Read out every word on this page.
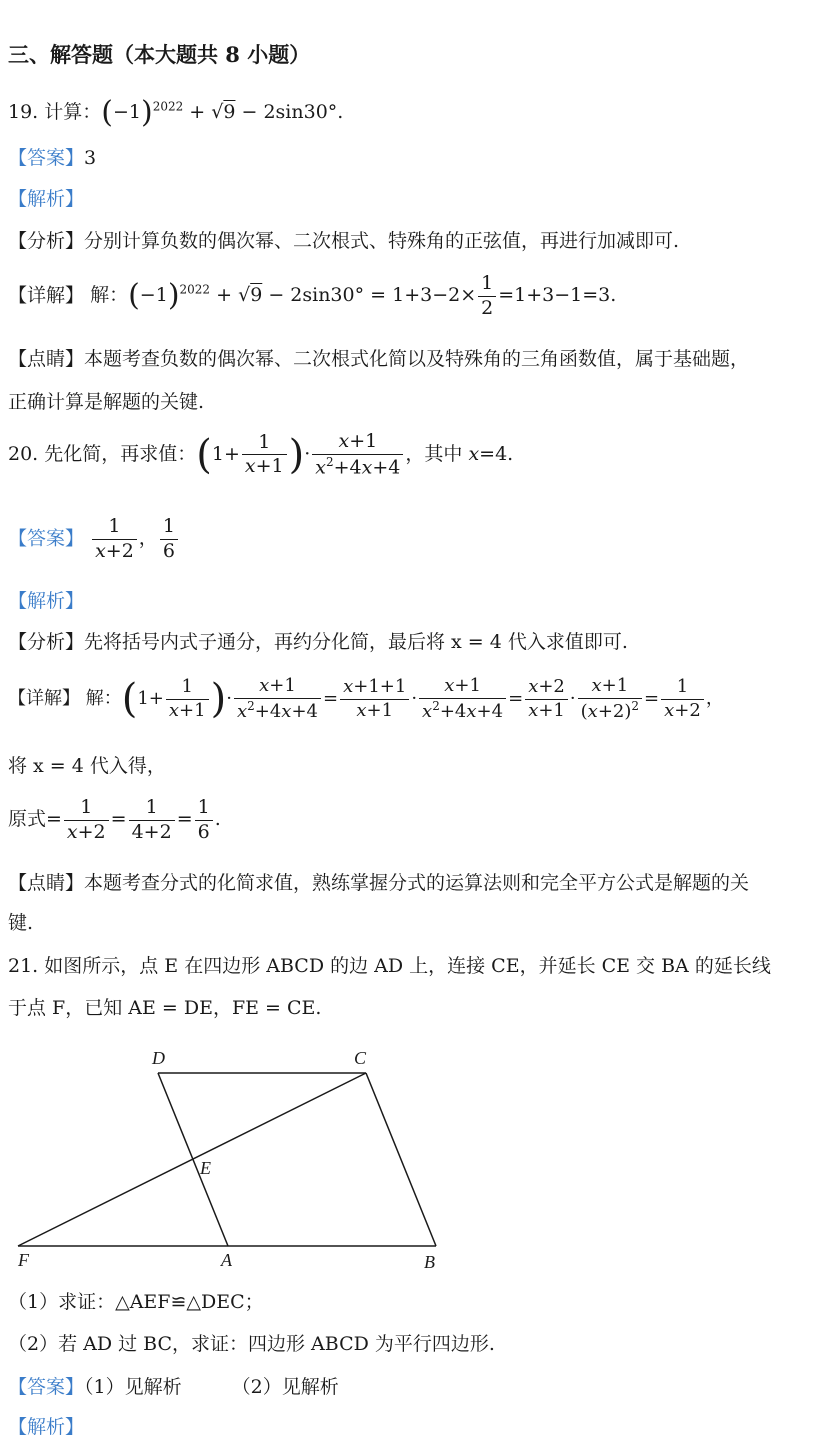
三、解答题（本大题共 8 小题）
19. 计算：$(-1)^{2022} + √9 - 2\sin 30^\circ$.
【答案】3
【解析】
【分析】分别计算负数的偶次幂、二次根式、特殊角的正弦值，再进行加减即可.
【详解】 解：$(-1)^{2022} + √9 - 2\sin 30^\circ = 1+3-2\times \frac{1}{2} =1+3-1=3$.
【点睛】本题考查负数的偶次幂、二次根式化简以及特殊角的三角函数值，属于基础题，
正确计算是解题的关键.
20. 先化简，再求值：($1+ \frac{1}{x+1}$ )· $\frac{x+1}{x^2+4x+4}$ ，其中 x=4.
【答案】 $\frac{1}{x+2}$ ， $\frac{1}{6}$
【解析】
【分析】先将括号内式子通分，再约分化简，最后将 x = 4 代入求值即可.
【详解】 解：($1+ \frac{1}{x+1}$ )· $\frac{x+1}{x^2+4x+4} = \frac{x+1+1}{x+1} \cdot \frac{x+1}{x^2+4x+4} = \frac{x+2}{x+1} \cdot \frac{x+1}{(x+2)^2} = \frac{1}{x+2}$ ，
将 x = 4 代入得，
原式= $\frac{1}{x+2} = \frac{1}{4+2} = \frac{1}{6}$ .
【点睛】本题考查分式的化简求值，熟练掌握分式的运算法则和完全平方公式是解题的关
键.
21. 如图所示，点 E 在四边形 ABCD 的边 AD 上，连接 CE，并延长 CE 交 BA 的延长线
于点 F，已知 AE = DE，FE = CE.
D	C
E
F	A	B
（1）求证：△AEF≌△DEC；
（2）若 AD 过 BC，求证：四边形 ABCD 为平行四边形.
【答案】（1）见解析	（2）见解析
【解析】
